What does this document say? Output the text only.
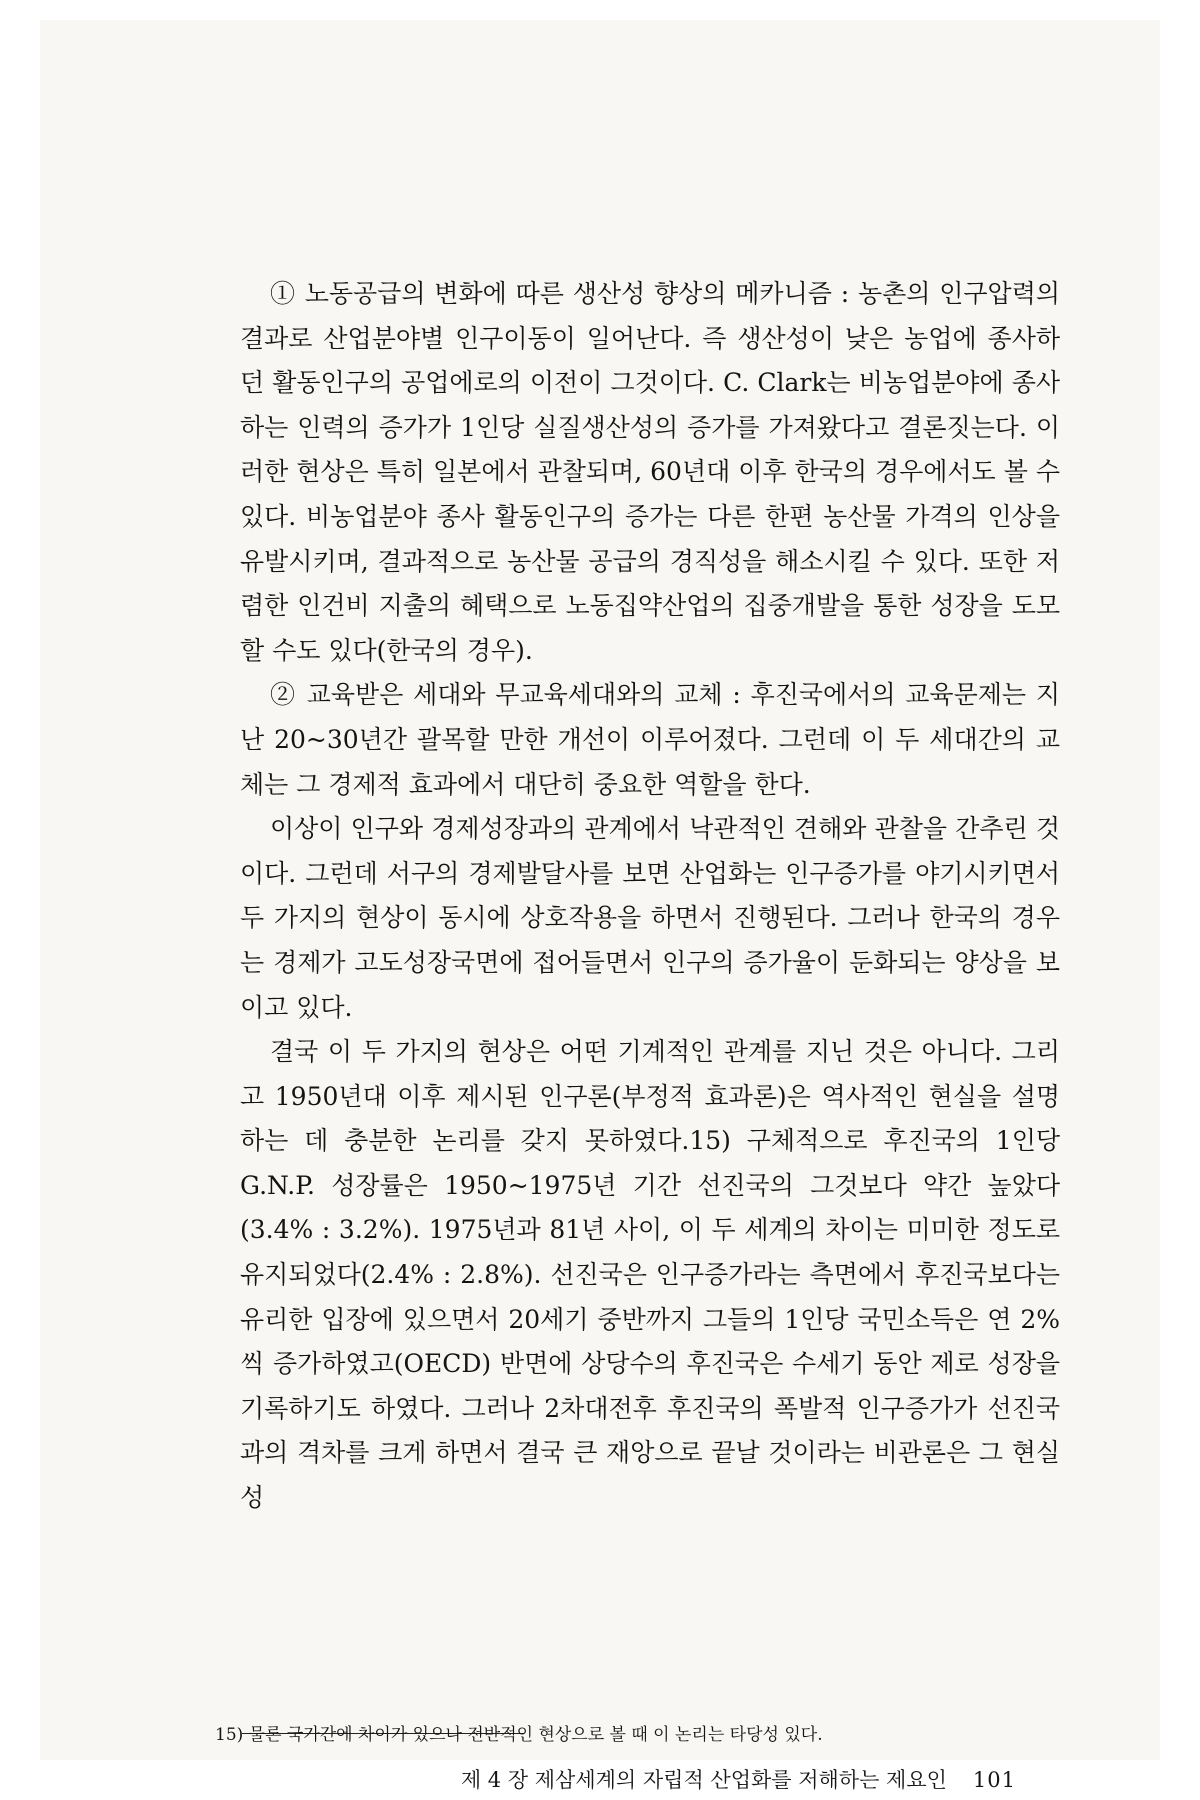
① 노동공급의 변화에 따른 생산성 향상의 메카니즘 : 농촌의 인구압력의 결과로 산업분야별 인구이동이 일어난다. 즉 생산성이 낮은 농업에 종사하던 활동인구의 공업에로의 이전이 그것이다. C. Clark는 비농업분야에 종사하는 인력의 증가가 1인당 실질생산성의 증가를 가져왔다고 결론짓는다. 이러한 현상은 특히 일본에서 관찰되며, 60년대 이후 한국의 경우에서도 볼 수 있다. 비농업분야 종사 활동인구의 증가는 다른 한편 농산물 가격의 인상을 유발시키며, 결과적으로 농산물 공급의 경직성을 해소시킬 수 있다. 또한 저렴한 인건비 지출의 혜택으로 노동집약산업의 집중개발을 통한 성장을 도모할 수도 있다(한국의 경우).

② 교육받은 세대와 무교육세대와의 교체 : 후진국에서의 교육문제는 지난 20~30년간 괄목할 만한 개선이 이루어졌다. 그런데 이 두 세대간의 교체는 그 경제적 효과에서 대단히 중요한 역할을 한다.

이상이 인구와 경제성장과의 관계에서 낙관적인 견해와 관찰을 간추린 것이다. 그런데 서구의 경제발달사를 보면 산업화는 인구증가를 야기시키면서 두 가지의 현상이 동시에 상호작용을 하면서 진행된다. 그러나 한국의 경우는 경제가 고도성장국면에 접어들면서 인구의 증가율이 둔화되는 양상을 보이고 있다.

결국 이 두 가지의 현상은 어떤 기계적인 관계를 지닌 것은 아니다. 그리고 1950년대 이후 제시된 인구론(부정적 효과론)은 역사적인 현실을 설명하는 데 충분한 논리를 갖지 못하였다.15) 구체적으로 후진국의 1인당 G.N.P. 성장률은 1950~1975년 기간 선진국의 그것보다 약간 높았다(3.4% : 3.2%). 1975년과 81년 사이, 이 두 세계의 차이는 미미한 정도로 유지되었다(2.4% : 2.8%). 선진국은 인구증가라는 측면에서 후진국보다는 유리한 입장에 있으면서 20세기 중반까지 그들의 1인당 국민소득은 연 2%씩 증가하였고(OECD) 반면에 상당수의 후진국은 수세기 동안 제로 성장을 기록하기도 하였다. 그러나 2차대전후 후진국의 폭발적 인구증가가 선진국과의 격차를 크게 하면서 결국 큰 재앙으로 끝날 것이라는 비관론은 그 현실성

15) 물론 국가간에 차이가 있으나 전반적인 현상으로 볼 때 이 논리는 타당성 있다.
제 4 장 제삼세계의 자립적 산업화를 저해하는 제요인 101
